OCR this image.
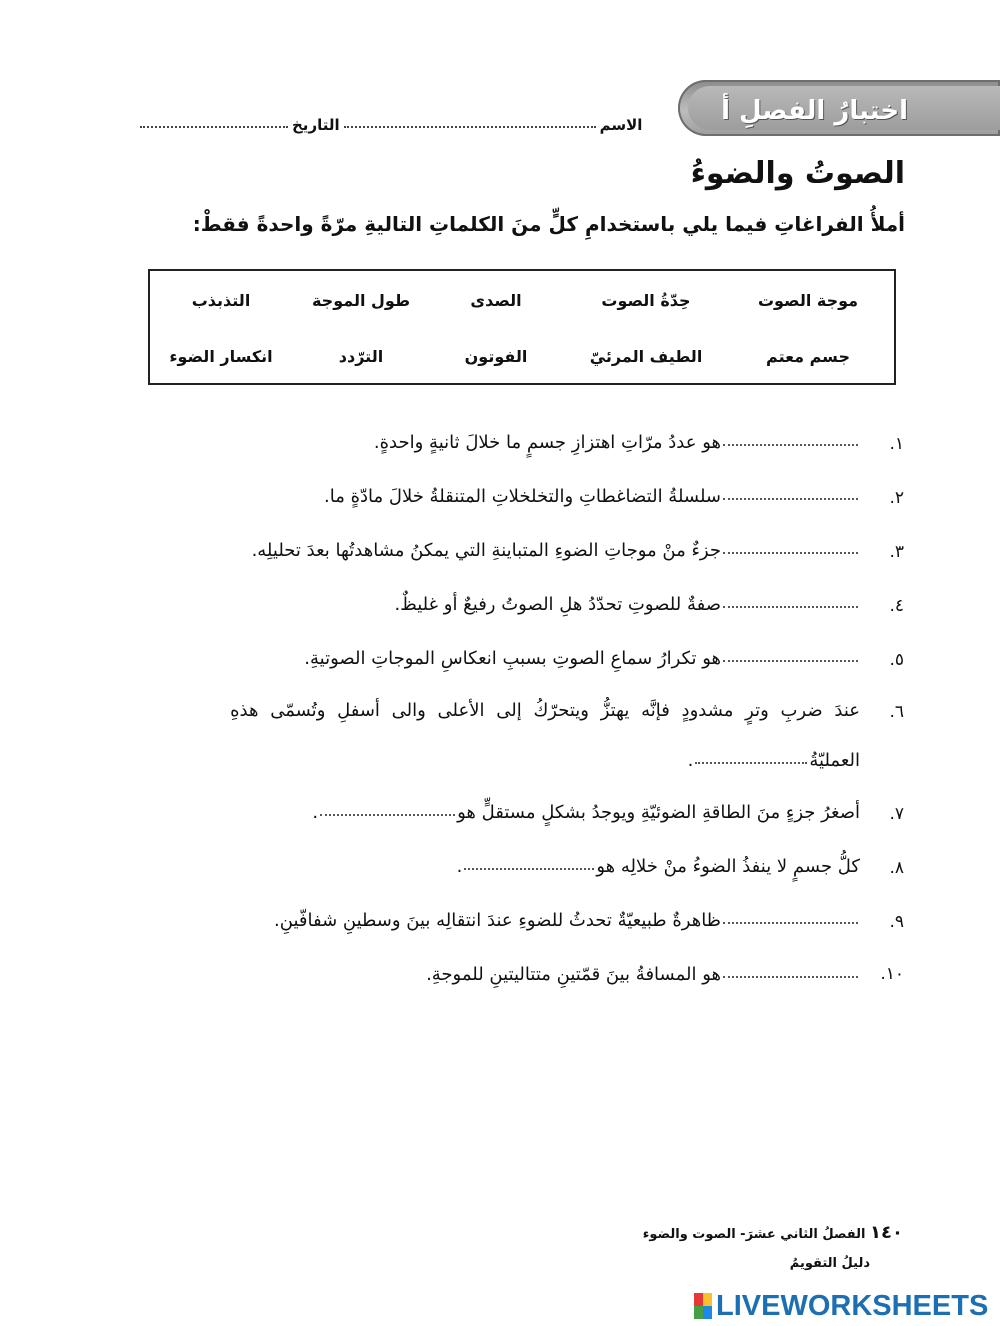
اختبارُ الفصلِ أ
التاريخ	الاسم
الصوتُ والضوءُ
أملأُ الفراغاتِ فيما يلي باستخدامِ كلٍّ منَ الكلماتِ التاليةِ مرّةً واحدةً فقطْ:
موجة الصوت
حِدّةُ الصوت
الصدى
طول الموجة
التذبذب
جسم معتم
الطيف المرئيّ
الفوتون
الترّدد
انكسار الضوء
.١
هو عددُ مرّاتِ اهتزازِ جسمٍ ما خلالَ ثانيةٍ واحدةٍ.
.٢
سلسلةُ التضاغطاتِ والتخلخلاتِ المتنقلةُ خلالَ مادّةٍ ما.
.٣
جزءٌ منْ موجاتِ الضوءِ المتباينةِ التي يمكنُ مشاهدتُها بعدَ تحليلِه.
.٤
صفةٌ للصوتِ تحدّدُ هلِ الصوتُ رفيعٌ أو غليظٌ.
.٥
هو تكرارُ سماعِ الصوتِ بسببِ انعكاسِ الموجاتِ الصوتيةِ.
.٦
عندَ ضربِ وترٍ مشدودٍ فإنَّه يهتزُّ ويتحرّكُ إلى الأعلى والى أسفلِ وتُسمّى هذهِ
العمليّةُ
.
.٧
أصغرُ جزءٍ منَ الطاقةِ الضوئيّةِ ويوجدُ بشكلٍ مستقلٍّ هو
.
.٨
كلُّ جسمٍ لا ينفذُ الضوءُ منْ خلالِه هو
.
.٩
ظاهرةٌ طبيعيّةٌ تحدثُ للضوءِ عندَ انتقالِه بينَ وسطينِ شفافّينِ.
.١٠
هو المسافةُ بينَ قمّتينِ متتاليتينِ للموجةِ.
١٤٠ الفصلُ الثاني عشرَ- الصوت والضوء
دليلُ التقويمُ
LIVEWORKSHEETS
